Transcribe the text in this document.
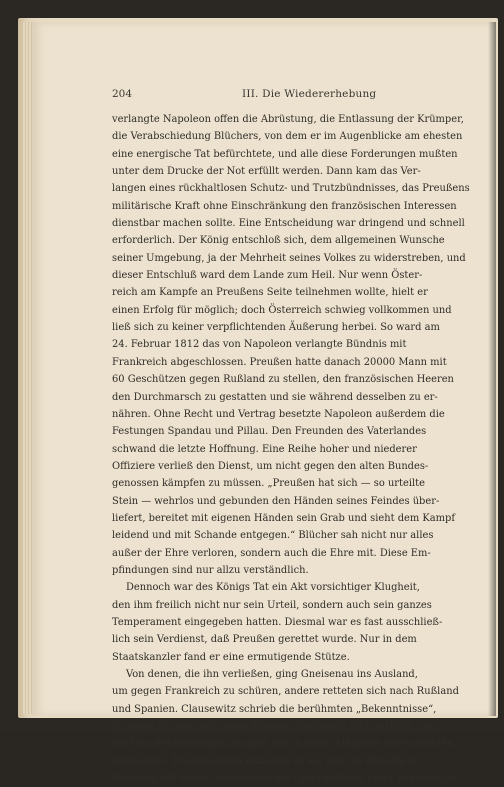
204	III. Die Wiedererhebung
verlangte Napoleon offen die Abrüstung, die Entlassung der Krümper,
die Verabschiedung Blüchers, von dem er im Augenblicke am ehesten
eine energische Tat befürchtete, und alle diese Forderungen mußten
unter dem Drucke der Not erfüllt werden. Dann kam das Ver-
langen eines rückhaltlosen Schutz- und Trutzbündnisses, das Preußens
militärische Kraft ohne Einschränkung den französischen Interessen
dienstbar machen sollte. Eine Entscheidung war dringend und schnell
erforderlich. Der König entschloß sich, dem allgemeinen Wunsche
seiner Umgebung, ja der Mehrheit seines Volkes zu widerstreben, und
dieser Entschluß ward dem Lande zum Heil. Nur wenn Öster-
reich am Kampfe an Preußens Seite teilnehmen wollte, hielt er
einen Erfolg für möglich; doch Österreich schwieg vollkommen und
ließ sich zu keiner verpflichtenden Äußerung herbei. So ward am
24. Februar 1812 das von Napoleon verlangte Bündnis mit
Frankreich abgeschlossen. Preußen hatte danach 20000 Mann mit
60 Geschützen gegen Rußland zu stellen, den französischen Heeren
den Durchmarsch zu gestatten und sie während desselben zu er-
nähren. Ohne Recht und Vertrag besetzte Napoleon außerdem die
Festungen Spandau und Pillau. Den Freunden des Vaterlandes
schwand die letzte Hoffnung. Eine Reihe hoher und niederer
Offiziere verließ den Dienst, um nicht gegen den alten Bundes-
genossen kämpfen zu müssen. „Preußen hat sich — so urteilte
Stein — wehrlos und gebunden den Händen seines Feindes über-
liefert, bereitet mit eigenen Händen sein Grab und sieht dem Kampf
leidend und mit Schande entgegen.“ Blücher sah nicht nur alles
außer der Ehre verloren, sondern auch die Ehre mit. Diese Em-
pfindungen sind nur allzu verständlich.
Dennoch war des Königs Tat ein Akt vorsichtiger Klugheit,
den ihm freilich nicht nur sein Urteil, sondern auch sein ganzes
Temperament eingegeben hatten. Diesmal war es fast ausschließ-
lich sein Verdienst, daß Preußen gerettet wurde. Nur in dem
Staatskanzler fand er eine ermutigende Stütze.
Von denen, die ihn verließen, ging Gneisenau ins Ausland,
um gegen Frankreich zu schüren, andere retteten sich nach Rußland
und Spanien. Clausewitz schrieb die berühmten „Bekenntnisse“,
in denen er sein und seiner Freunde Verhalten rechtfertigte. Sie
sind ein denkwürdiges Zeugnis des in jenen Männern herrschenden
Idealismus. Unumwunden erkannte er an, daß die öffentliche
Meinung mit wenig Ausnahmen die Unterwerfung unter Frankreichs
